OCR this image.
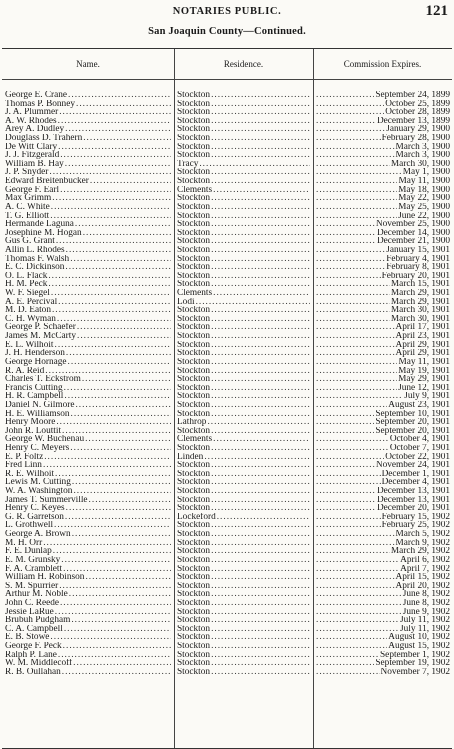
NOTARIES PUBLIC.	121
San Joaquin County—Continued.
Name.	Residence.	Commission Expires.
George E. Crane .....	Stockton ..... .....	September 24, 1899
Thomas P. Bonney .....	Stockton ..... .....	October 25, 1899
J. A. Plummer .....	Stockton ..... .....	October 28, 1899
A. W. Rhodes .....	Stockton ..... .....	December 13, 1899
Arey A. Dudley .....	Stockton ..... .....	January 29, 1900
Douglass D. Trahern .....	Stockton ..... .....	February 28, 1900
De Witt Clary .....	Stockton ..... .....	March 3, 1900
J. J. Fitzgerald .....	Stockton ..... .....	March 3, 1900
William B. Hay .....	Tracy ..... .....	March 30, 1900
J. P. Snyder .....	Stockton ..... .....	May 1, 1900
Edward Breitenbucker .....	Stockton ..... .....	May 11, 1900
George F. Earl .....	Clements ..... .....	May 18, 1900
Max Grimm .....	Stockton ..... .....	May 22, 1900
A. C. White .....	Stockton ..... .....	May 25, 1900
T. G. Elliott .....	Stockton ..... .....	June 22, 1900
Hermande Laguna .....	Stockton ..... .....	November 25, 1900
Josephine M. Hogan .....	Stockton ..... .....	December 14, 1900
Gus G. Grant .....	Stockton ..... .....	December 21, 1900
Allin L. Rhodes .....	Stockton ..... .....	January 15, 1901
Thomas F. Walsh .....	Stockton ..... .....	February 4, 1901
E. C. Dickinson .....	Stockton ..... .....	February 8, 1901
O. L. Flack .....	Stockton ..... .....	February 20, 1901
H. M. Peck .....	Stockton ..... .....	March 15, 1901
W. F. Siegel .....	Clements ..... .....	March 29, 1901
A. E. Percival .....	Lodi ..... .....	March 29, 1901
M. D. Eaton .....	Stockton ..... .....	March 30, 1901
C. H. Wyman .....	Stockton ..... .....	March 30, 1901
George P. Schaefer .....	Stockton ..... .....	April 17, 1901
James M. McCarty .....	Stockton ..... .....	April 23, 1901
E. L. Wilhoit .....	Stockton ..... .....	April 29, 1901
J. H. Henderson .....	Stockton ..... .....	April 29, 1901
George Hornage .....	Stockton ..... .....	May 11, 1901
R. A. Reid .....	Stockton ..... .....	May 19, 1901
Charles T. Eckstrom .....	Stockton ..... .....	May 29, 1901
Francis Cutting .....	Stockton ..... .....	June 12, 1901
H. R. Campbell .....	Stockton ..... .....	July 9, 1901
Daniel N. Gilmore .....	Stockton ..... .....	August 23, 1901
H. E. Williamson .....	Stockton ..... .....	September 10, 1901
Henry Moore .....	Lathrop ..... .....	September 20, 1901
John R. Louttit .....	Stockton ..... .....	September 20, 1901
George W. Buchenau .....	Clements ..... .....	October 4, 1901
Henry C. Meyers .....	Stockton ..... .....	October 7, 1901
E. P. Foltz .....	Linden ..... .....	October 22, 1901
Fred Linn .....	Stockton ..... .....	November 24, 1901
R. E. Wilhoit .....	Stockton ..... .....	December 1, 1901
Lewis M. Cutting .....	Stockton ..... .....	December 4, 1901
W. A. Washington .....	Stockton ..... .....	December 13, 1901
James T. Summerville .....	Stockton ..... .....	December 13, 1901
Henry C. Keyes .....	Stockton ..... .....	December 20, 1901
G. R. Garretson .....	Lockeford ..... .....	February 15, 1902
L. Grothwell .....	Stockton ..... .....	February 25, 1902
George A. Brown .....	Stockton ..... .....	March 5, 1902
M. H. Orr .....	Stockton ..... .....	March 9, 1902
F. E. Dunlap .....	Stockton ..... .....	March 29, 1902
E. M. Grunsky .....	Stockton ..... .....	April 6, 1902
F. A. Cramblett .....	Stockton ..... .....	April 7, 1902
William H. Robinson .....	Stockton ..... .....	April 15, 1902
S. M. Spurrier .....	Stockton ..... .....	April 20, 1902
Arthur M. Noble .....	Stockton ..... .....	June 8, 1902
John C. Reede .....	Stockton ..... .....	June 8, 1902
Jessie LaRue .....	Stockton ..... .....	June 9, 1902
Brubuh Pudgham .....	Stockton ..... .....	July 11, 1902
C. A. Campbell .....	Stockton ..... .....	July 11, 1902
E. B. Stowe .....	Stockton ..... .....	August 10, 1902
George F. Peck .....	Stockton ..... .....	August 15, 1902
Ralph P. Lane .....	Stockton ..... .....	September 1, 1902
W. M. Middlecoff .....	Stockton ..... .....	September 19, 1902
R. B. Oullahan .....	Stockton ..... .....	November 7, 1902
